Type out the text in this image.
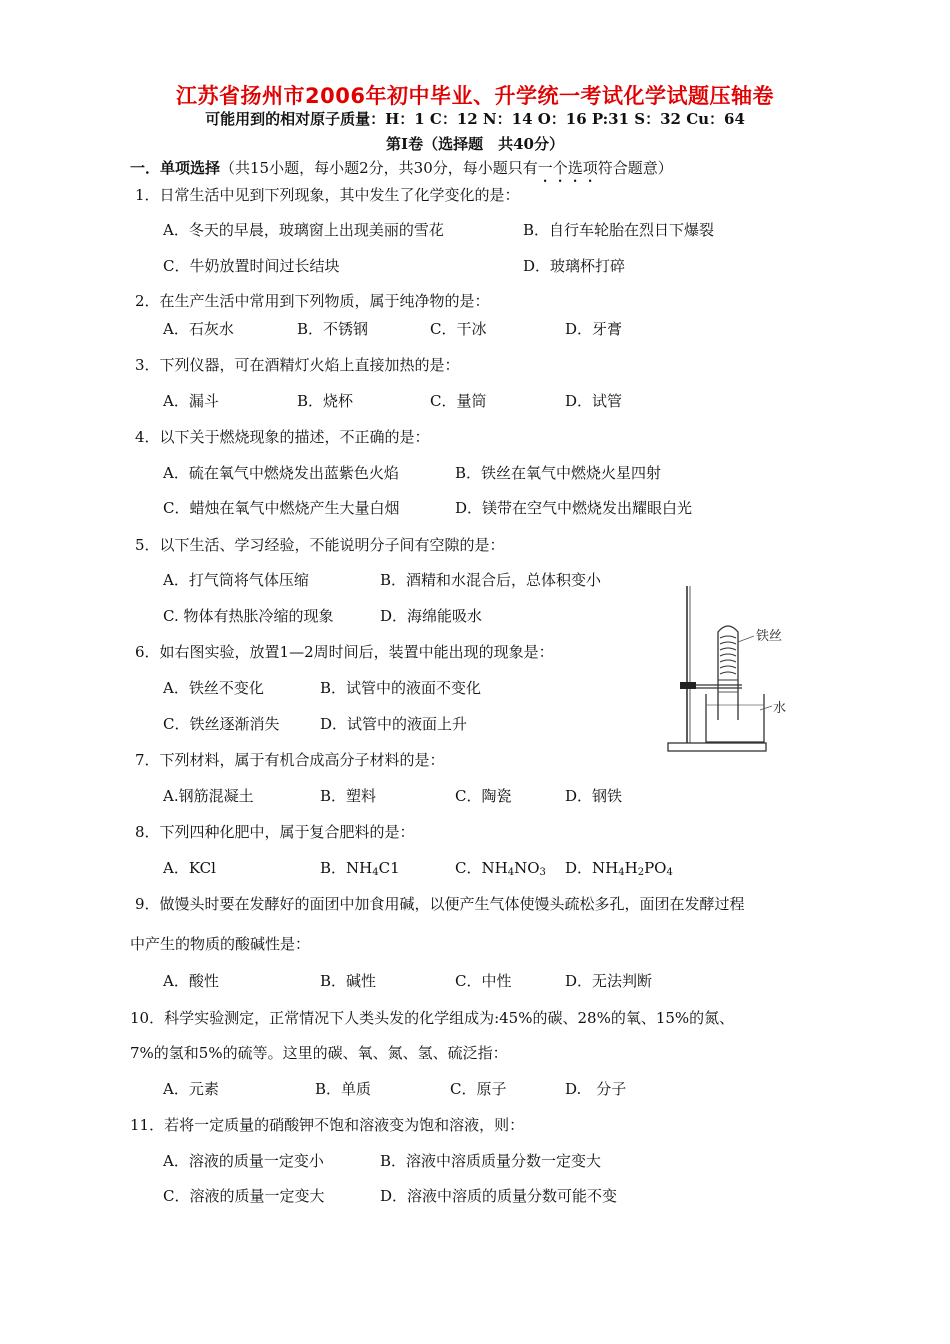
江苏省扬州市2006年初中毕业、升学统一考试化学试题压轴卷
可能用到的相对原子质量：H：1 C：12 N：14 O：16 P:31 S：32 Cu：64
第Ⅰ卷（选择题　共40分）
一．单项选择（共15小题，每小题2分，共30分，每小题只有一个选项符合题意）
1．日常生活中见到下列现象，其中发生了化学变化的是：
A．冬天的早晨，玻璃窗上出现美丽的雪花	B．自行车轮胎在烈日下爆裂
C．牛奶放置时间过长结块	D．玻璃杯打碎
2．在生产生活中常用到下列物质，属于纯净物的是：
A．石灰水	B．不锈钢	C．干冰	D．牙膏
3．下列仪器，可在酒精灯火焰上直接加热的是：
A．漏斗	B．烧杯	C．量筒	D．试管
4．以下关于燃烧现象的描述，不正确的是：
A．硫在氧气中燃烧发出蓝紫色火焰	B．铁丝在氧气中燃烧火星四射
C．蜡烛在氧气中燃烧产生大量白烟	D．镁带在空气中燃烧发出耀眼白光
5．以下生活、学习经验，不能说明分子间有空隙的是：
A．打气筒将气体压缩	B．酒精和水混合后，总体积变小
C. 物体有热胀冷缩的现象	D．海绵能吸水
6．如右图实验，放置1—2周时间后，装置中能出现的现象是：
A．铁丝不变化	B．试管中的液面不变化
C．铁丝逐渐消失	D．试管中的液面上升
铁丝
水
7．下列材料，属于有机合成高分子材料的是：
A.钢筋混凝土	B．塑料	C．陶瓷	D．钢铁
8．下列四种化肥中，属于复合肥料的是：
A．KCl	B．$NH_4C1$	C．$NH_4NO_3$ D．$NH_4H_2PO_4$
9．做馒头时要在发酵好的面团中加食用碱，以便产生气体使馒头疏松多孔，面团在发酵过程
中产生的物质的酸碱性是：
A．酸性	B．碱性	C．中性	D．无法判断
10．科学实验测定，正常情况下人类头发的化学组成为:45%的碳、28%的氧、15%的氮、
7%的氢和5%的硫等。这里的碳、氧、氮、氢、硫泛指：
A．元素	B．单质	C．原子	D.　分子
11．若将一定质量的硝酸钾不饱和溶液变为饱和溶液，则：
A．溶液的质量一定变小	B．溶液中溶质质量分数一定变大
C．溶液的质量一定变大	D．溶液中溶质的质量分数可能不变
